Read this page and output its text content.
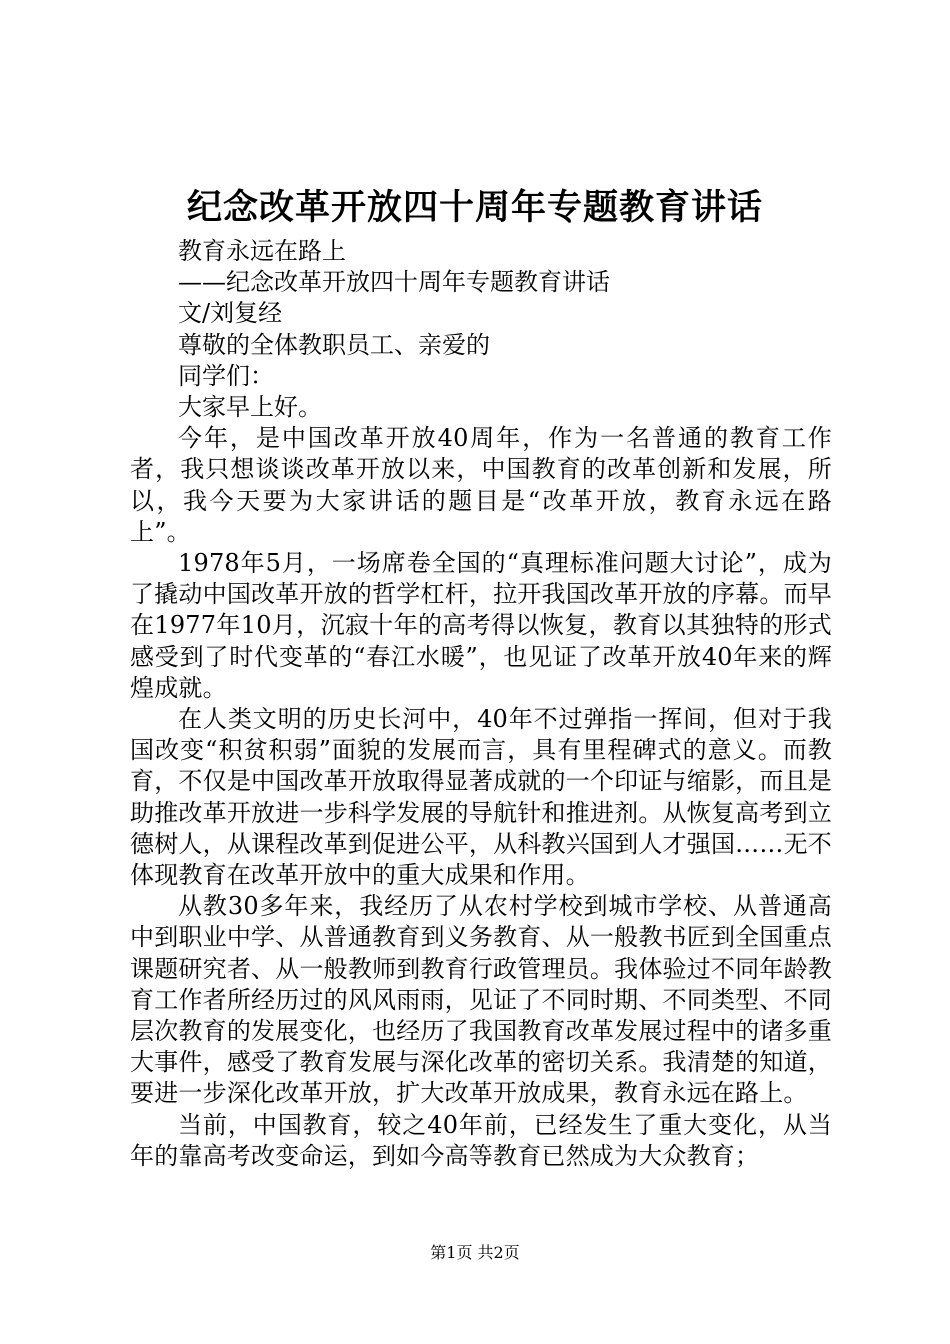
纪念改革开放四十周年专题教育讲话

教育永远在路上

——纪念改革开放四十周年专题教育讲话

文/刘复经

尊敬的全体教职员工、亲爱的

同学们：

大家早上好。

今年，是中国改革开放40周年，作为一名普通的教育工作者，我只想谈谈改革开放以来，中国教育的改革创新和发展，所以，我今天要为大家讲话的题目是“改革开放，教育永远在路上”。

1978年5月，一场席卷全国的“真理标准问题大讨论”，成为了撬动中国改革开放的哲学杠杆，拉开我国改革开放的序幕。而早在1977年10月，沉寂十年的高考得以恢复，教育以其独特的形式感受到了时代变革的“春江水暖”，也见证了改革开放40年来的辉煌成就。

在人类文明的历史长河中，40年不过弹指一挥间，但对于我国改变“积贫积弱”面貌的发展而言，具有里程碑式的意义。而教育，不仅是中国改革开放取得显著成就的一个印证与缩影，而且是助推改革开放进一步科学发展的导航针和推进剂。从恢复高考到立德树人，从课程改革到促进公平，从科教兴国到人才强国……无不体现教育在改革开放中的重大成果和作用。

从教30多年来，我经历了从农村学校到城市学校、从普通高中到职业中学、从普通教育到义务教育、从一般教书匠到全国重点课题研究者、从一般教师到教育行政管理员。我体验过不同年龄教育工作者所经历过的风风雨雨，见证了不同时期、不同类型、不同层次教育的发展变化，也经历了我国教育改革发展过程中的诸多重大事件，感受了教育发展与深化改革的密切关系。我清楚的知道，要进一步深化改革开放，扩大改革开放成果，教育永远在路上。

当前，中国教育，较之40年前，已经发生了重大变化，从当年的靠高考改变命运，到如今高等教育已然成为大众教育；

第1页 共2页
